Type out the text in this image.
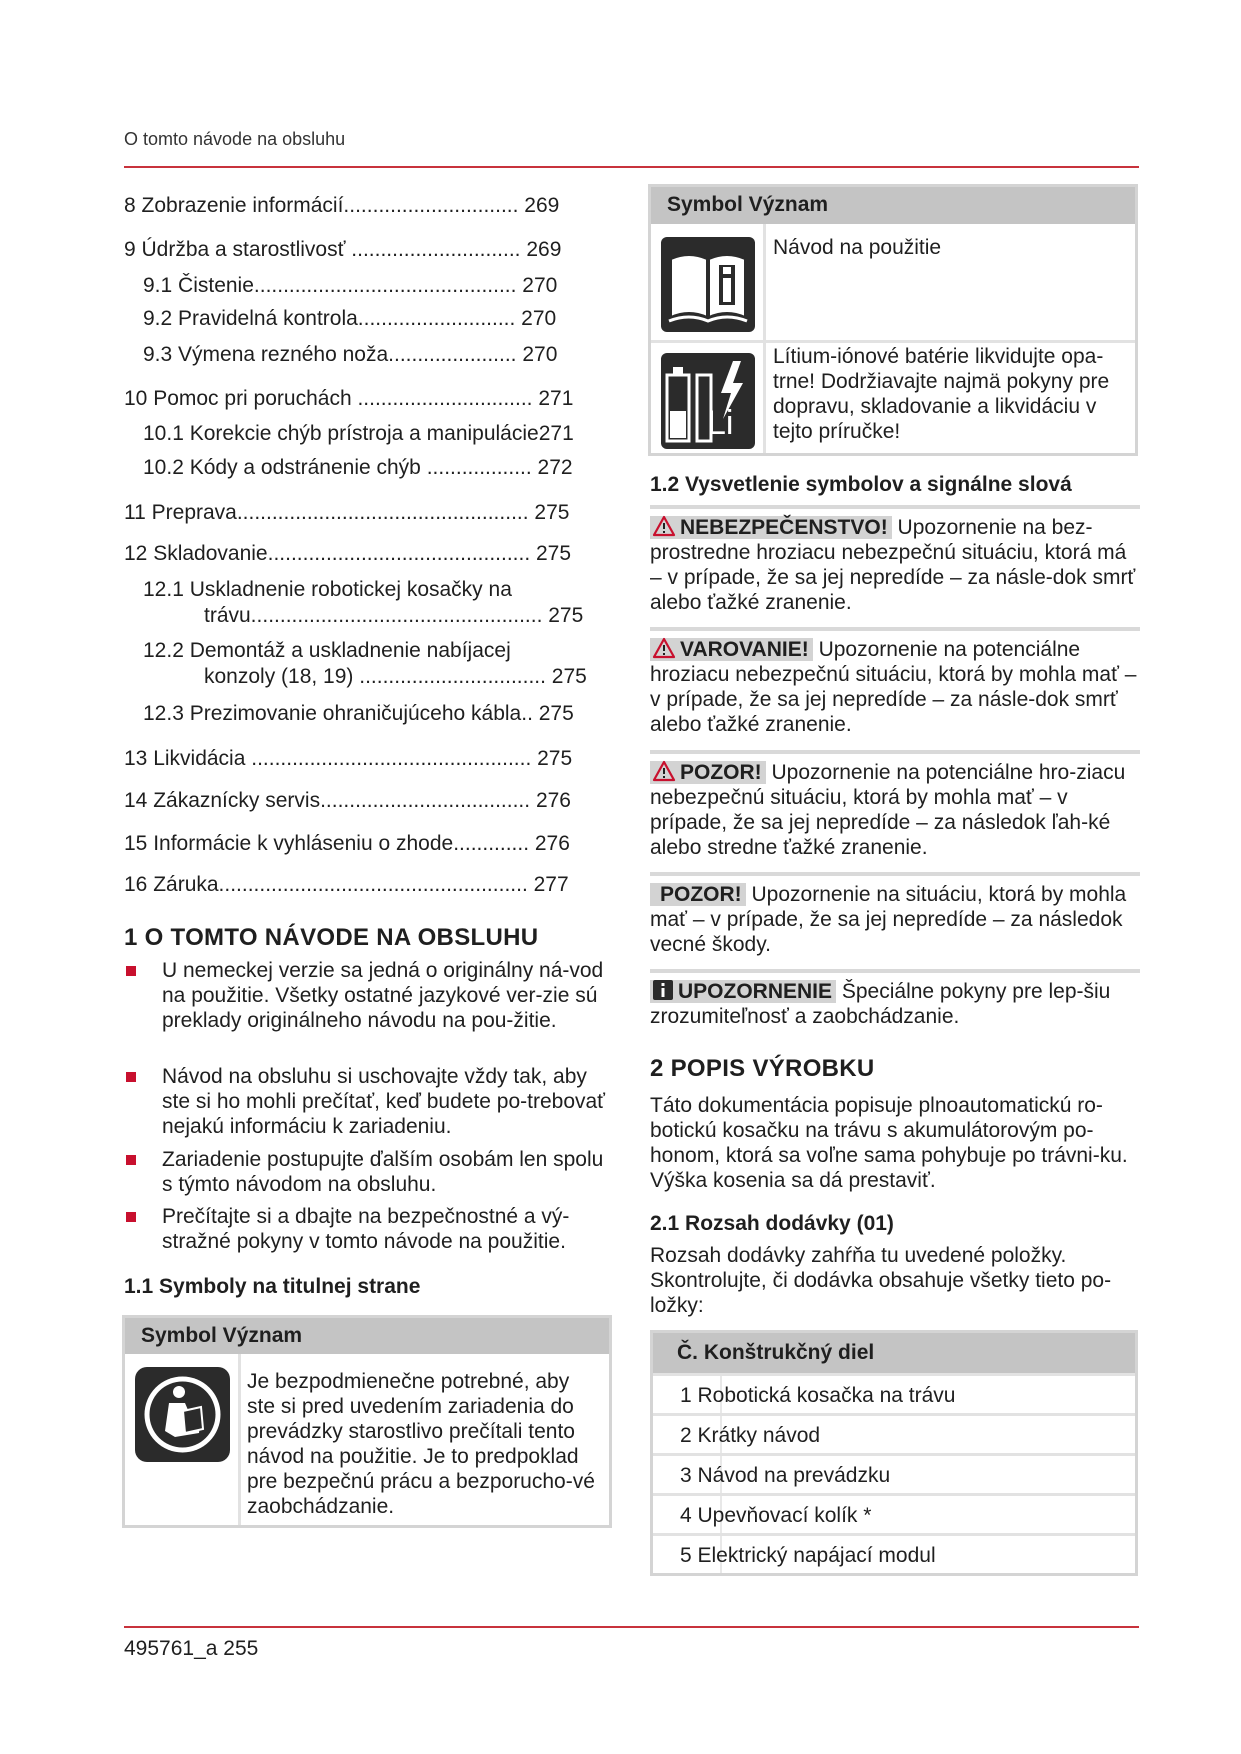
O tomto návode na obsluhu
8 Zobrazenie informácií.............................. 269
9 Údržba a starostlivosť ............................. 269
9.1 Čistenie............................................. 270
9.2 Pravidelná kontrola........................... 270
9.3 Výmena rezného noža...................... 270
10 Pomoc pri poruchách .............................. 271
10.1 Korekcie chýb prístroja a manipulácie271
10.2 Kódy a odstránenie chýb .................. 272
11 Preprava.................................................. 275
12 Skladovanie............................................. 275
12.1 Uskladnenie robotickej kosačky na
trávu.................................................. 275
12.2 Demontáž a uskladnenie nabíjacej
konzoly (18, 19) ................................ 275
12.3 Prezimovanie ohraničujúceho kábla.. 275
13 Likvidácia ................................................ 275
14 Zákaznícky servis.................................... 276
15 Informácie k vyhláseniu o zhode............. 276
16 Záruka..................................................... 277
1 O TOMTO NÁVODE NA OBSLUHU
U nemeckej verzie sa jedná o originálny ná-vod na použitie. Všetky ostatné jazykové ver-zie sú preklady originálneho návodu na pou-žitie.
Návod na obsluhu si uschovajte vždy tak, aby ste si ho mohli prečítať, keď budete po-trebovať nejakú informáciu k zariadeniu.
Zariadenie postupujte ďalším osobám len spolu s týmto návodom na obsluhu.
Prečítajte si a dbajte na bezpečnostné a vý-stražné pokyny v tomto návode na použitie.
1.1 Symboly na titulnej strane
Symbol Význam
Je bezpodmienečne potrebné, aby ste si pred uvedením zariadenia do prevádzky starostlivo prečítali tento návod na použitie. Je to predpoklad pre bezpečnú prácu a bezporucho-vé zaobchádzanie.
Symbol Význam
Návod na použitie
Li
Lítium-iónové batérie likvidujte opa-trne! Dodržiavajte najmä pokyny pre dopravu, skladovanie a likvidáciu v tejto príručke!
1.2 Vysvetlenie symbolov a signálne slová
NEBEZPEČENSTVO! Upozornenie na bez-prostredne hroziacu nebezpečnú situáciu, ktorá má – v prípade, že sa jej nepredíde – za násle-dok smrť alebo ťažké zranenie.
VAROVANIE! Upozornenie na potenciálne hroziacu nebezpečnú situáciu, ktorá by mohla mať – v prípade, že sa jej nepredíde – za násle-dok smrť alebo ťažké zranenie.
POZOR! Upozornenie na potenciálne hro-ziacu nebezpečnú situáciu, ktorá by mohla mať – v prípade, že sa jej nepredíde – za následok ľah-ké alebo stredne ťažké zranenie.
POZOR! Upozornenie na situáciu, ktorá by mohla mať – v prípade, že sa jej nepredíde – za následok vecné škody.
UPOZORNENIE Špeciálne pokyny pre lep-šiu zrozumiteľnosť a zaobchádzanie.
2 POPIS VÝROBKU
Táto dokumentácia popisuje plnoautomatickú ro-botickú kosačku na trávu s akumulátorovým po-honom, ktorá sa voľne sama pohybuje po trávni-ku. Výška kosenia sa dá prestaviť.
2.1 Rozsah dodávky (01)
Rozsah dodávky zahŕňa tu uvedené položky. Skontrolujte, či dodávka obsahuje všetky tieto po-ložky:
Č. Konštrukčný diel
1 Robotická kosačka na trávu
2 Krátky návod
3 Návod na prevádzku
4 Upevňovací kolík *
5 Elektrický napájací modul
495761_a 255
